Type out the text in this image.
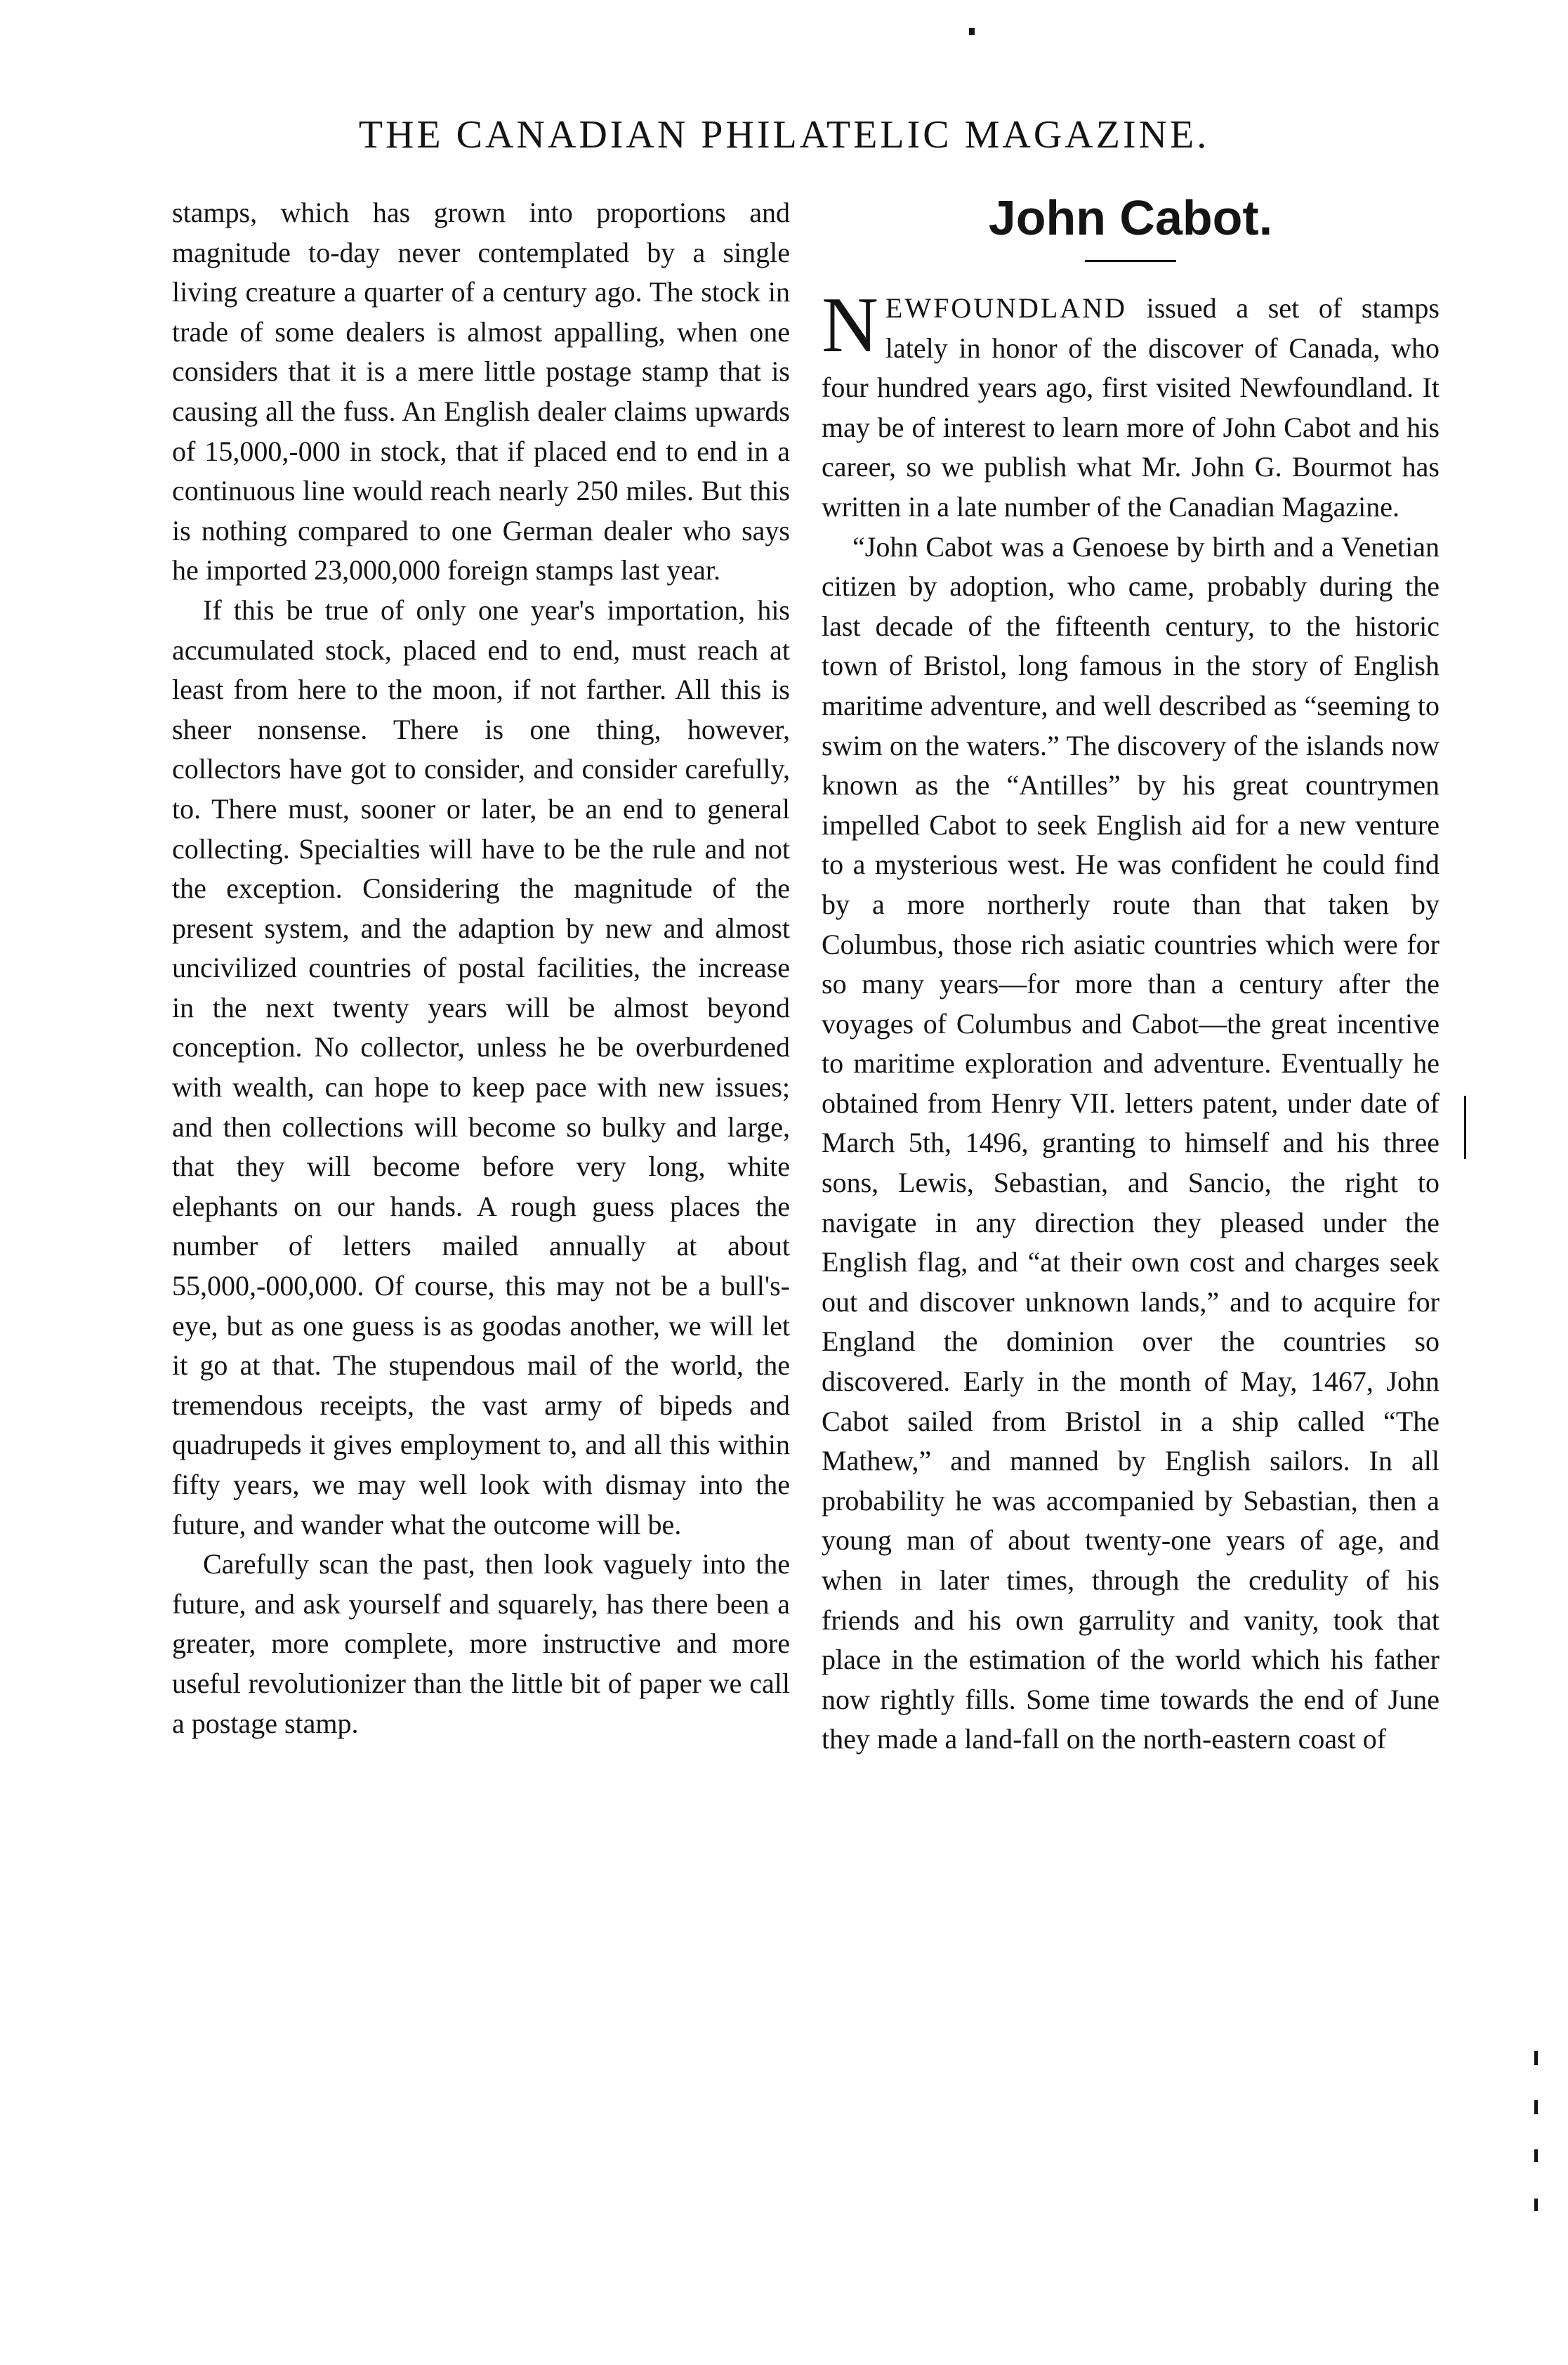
THE CANADIAN PHILATELIC MAGAZINE.

stamps, which has grown into proportions and magnitude to-day never contemplated by a single living creature a quarter of a century ago. The stock in trade of some dealers is almost appalling, when one considers that it is a mere little postage stamp that is causing all the fuss. An English dealer claims upwards of 15,000,-000 in stock, that if placed end to end in a continuous line would reach nearly 250 miles. But this is nothing compared to one German dealer who says he imported 23,000,000 foreign stamps last year.

If this be true of only one year's importation, his accumulated stock, placed end to end, must reach at least from here to the moon, if not farther. All this is sheer nonsense. There is one thing, however, collectors have got to consider, and consider carefully, to. There must, sooner or later, be an end to general collecting. Specialties will have to be the rule and not the exception. Considering the magnitude of the present system, and the adaption by new and almost uncivilized countries of postal facilities, the increase in the next twenty years will be almost beyond conception. No collector, unless he be overburdened with wealth, can hope to keep pace with new issues; and then collections will become so bulky and large, that they will become before very long, white elephants on our hands. A rough guess places the number of letters mailed annually at about 55,000,-000,000. Of course, this may not be a bull's-eye, but as one guess is as goodas another, we will let it go at that. The stupendous mail of the world, the tremendous receipts, the vast army of bipeds and quadrupeds it gives employment to, and all this within fifty years, we may well look with dismay into the future, and wander what the outcome will be.

Carefully scan the past, then look vaguely into the future, and ask yourself and squarely, has there been a greater, more complete, more instructive and more useful revolutionizer than the little bit of paper we call a postage stamp.

John Cabot.

NEWFOUNDLAND issued a set of stamps lately in honor of the discover of Canada, who four hundred years ago, first visited Newfoundland. It may be of interest to learn more of John Cabot and his career, so we publish what Mr. John G. Bourmot has written in a late number of the Canadian Magazine.

“John Cabot was a Genoese by birth and a Venetian citizen by adoption, who came, probably during the last decade of the fifteenth century, to the historic town of Bristol, long famous in the story of English maritime adventure, and well described as “seeming to swim on the waters.” The discovery of the islands now known as the “Antilles” by his great countrymen impelled Cabot to seek English aid for a new venture to a mysterious west. He was confident he could find by a more northerly route than that taken by Columbus, those rich asiatic countries which were for so many years—for more than a century after the voyages of Columbus and Cabot—the great incentive to maritime exploration and adventure. Eventually he obtained from Henry VII. letters patent, under date of March 5th, 1496, granting to himself and his three sons, Lewis, Sebastian, and Sancio, the right to navigate in any direction they pleased under the English flag, and “at their own cost and charges seek out and discover unknown lands,” and to acquire for England the dominion over the countries so discovered. Early in the month of May, 1467, John Cabot sailed from Bristol in a ship called “The Mathew,” and manned by English sailors. In all probability he was accompanied by Sebastian, then a young man of about twenty-one years of age, and when in later times, through the credulity of his friends and his own garrulity and vanity, took that place in the estimation of the world which his father now rightly fills. Some time towards the end of June they made a land-fall on the north-eastern coast of
